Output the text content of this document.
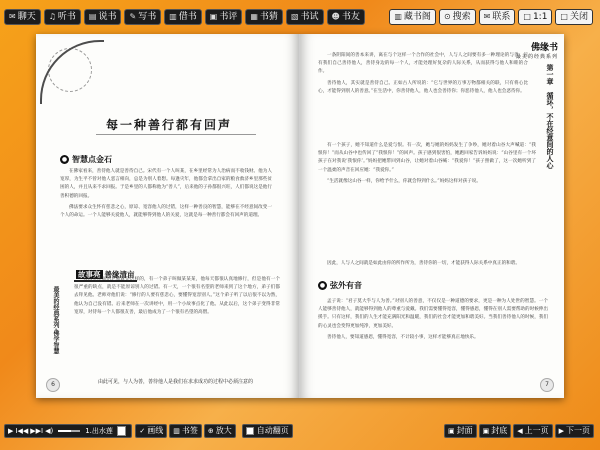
✉ 聊天 ♫ 听书 ▤ 说书 ✎ 写书 ▥ 借书 ▣ 书评 ▦ 书猜 ▧ 书试 ☻ 书友	▥ 藏书阁 ⊙ 搜索 ✉ 联系 □ 1:1 □ 关闭
每一种善行都有回声
● 智慧点金石

在佛家看来，善待他人就是善待自己。宋代有一个人叫某，在乡里经常为人治病而不收钱财。他为人宽厚，为生平不曾对他人恶言相向，总是为别人着想。每逢灾年，他都会拿出自家的粮食救济乡里那些贫困的人，并且从来不求回报。于是乡里的人都称他为“善人”，后来他的子孙都很兴旺，人们都说这是他行善积德的回报。

佛法要求众生怀有慈悲之心，原谅、宽容他人的过错，这样一种善良的智慧，能够在不经意间改变一个人的命运。一个人能够关爱他人，就能够得到他人的关爱，这就是每一种善行都会有回声的道理。

故事亮 善缘清亩

我国对民间的老师就是这样的，有一个弟子叫做某某某，他每天都很认真地修行，但是他有一个很严重的缺点，就是不能原谅别人的过错。有一天，一个很有名望的老师来到了这个地方，弟子们都去拜见他。老师对他们说：“修行的人要有慈悲心，要懂得宽容别人。”这个弟子听了以后很不以为然，他认为自己没有错。后来老师在一次讲经中，用一个小故事点化了他。从此以后，这个弟子变得非常宽厚，对待每一个人都很友善，最后他成为了一个很有名望的高僧。

最美的经典系列·佛学智慧
由此可见，与人为善，善待他人是我们在求求成功的过程中必须注意的
6
佛缘书
最美的经典系列
第一章　循环，不在经意间的人心

一条阴阳间的善本来讲，离在与个这样一个合作的社会中，人与人之间要有多一种理论的与善。只有我们自己善待他人，善待身边的每一个人，才能处理好复杂的人际关系，从而获得与他人和睦的合作。

善待他人，其实就是善待自己。正如古人所说的：“它与世界的万事万物都相关的联，只有将心比心，才能得到别人的善意。”在生活中，你善待他人，他人也会善待你；你恶待他人，他人也会恶待你。

有一个孩子，她不知道什么是爱与恨。有一次，她与她的妈妈发生了争吵，她对着山谷大声喊道：“我恨你！”而从山谷中也传回了“我恨你！”的回声。孩子感到很害怕，她跑回家告诉妈妈说：“山谷里有一个坏孩子在对我说‘我恨你’。”妈妈把她带回到山谷，让她对着山谷喊：“我爱你！”孩子照做了，这一次她听到了一个温柔的声音在回应她：“我爱你。”

“生活就像这山谷一样，你给予什么，你就会得到什么。”妈妈这样对孩子说。

因此，人与人之间就是如此由你的所作所为，善待你的一切，才能获得人际关系中真正的和谐。

● 弦外有音

孟子说：“君子莫大乎与人为善。”对别人的善意，不仅仅是一种道德的要求，更是一种为人处世的智慧。一个人能够善待他人，就能够得到他人的尊重与爱戴。我们需要懂得宽容，懂得感恩，懂得在别人需要帮助的时候伸出援手。只有这样，我们的人生才能充满阳光和温暖，我们的社会才能更加和谐美好。当我们善待他人的时候，我们的心灵也会变得更加纯净，更加美好。

善待他人，要知道感恩，懂得宽容，不计较小事，这样才能够真正地快乐。

7
▶ I◀◀ ▶▶I ◀)	1.出水莲	▾	✓ 画线 ▥ 书签 ⊕ 放大	自动翻页	▣ 封面 ▣ 封底 ◀ 上一页 ▶ 下一页
